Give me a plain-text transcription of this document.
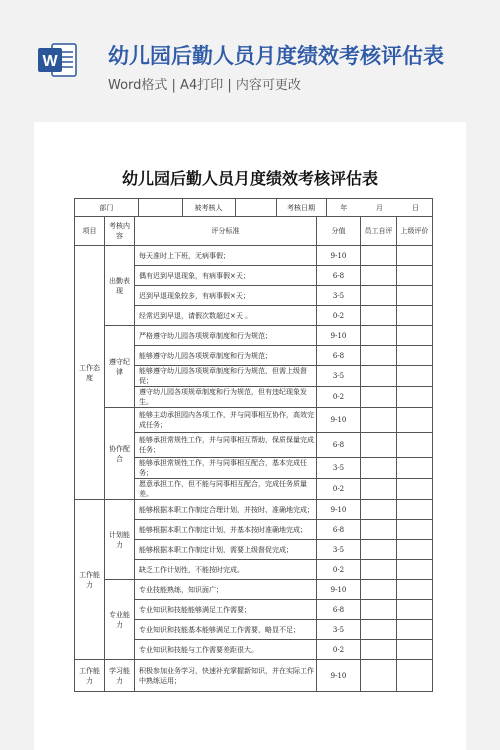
W 幼儿园后勤人员月度绩效考核评估表
Word格式 | A4打印 | 内容可更改
幼儿园后勤人员月度绩效考核评估表
部门		被考核人		考核日期	年	月	日

项目	考核内容	评分标准	分值	员工自评	上级评价
工作态度	出勤表现	每天准时上下班，无病事假；	9-10		
偶有迟到早退现象，有病事假×天；	6-8		
迟到早退现象较多，有病事假×天；	3-5		
经常迟到早退，请假次数超过×天 。	0-2		
遵守纪律	严格遵守幼儿园各项规章制度和行为规范；	9-10		
能够遵守幼儿园各项规章制度和行为规范；	6-8		
能够遵守幼儿园各项规章制度和行为规范，但需上级督促；	3-5		
遵守幼儿园各项规章制度和行为规范，但有违纪现象发生。	0-2		
协作配合	能够主动承担园内各项工作，并与同事相互协作，高效完成任务；	9-10		
能够承担常规性工作，并与同事相互帮助，保质保量完成任务；	6-8		
能够承担常规性工作，并与同事相互配合，基本完成任务；	3-5		
愿意承担工作，但不能与同事相互配合，完成任务质量差。	0-2		
工作能力	计划能力	能够根据本职工作制定合理计划，并按时、准确地完成；	9-10		
能够根据本职工作制定计划，并基本按时准确地完成；	6-8		
能够根据本职工作制定计划，需要上级督促完成；	3-5		
缺乏工作计划性，不能按时完成。	0-2		
专业能力	专业技能熟练，知识面广；	9-10		
专业知识和技能能够满足工作需要；	6-8		
专业知识和技能基本能够满足工作需要，略显不足；	3-5		
专业知识和技能与工作需要差距很大。	0-2		
工作能力	学习能力	积极参加业务学习，快速补充掌握新知识，并在实际工作中熟练运用；	9-10		
